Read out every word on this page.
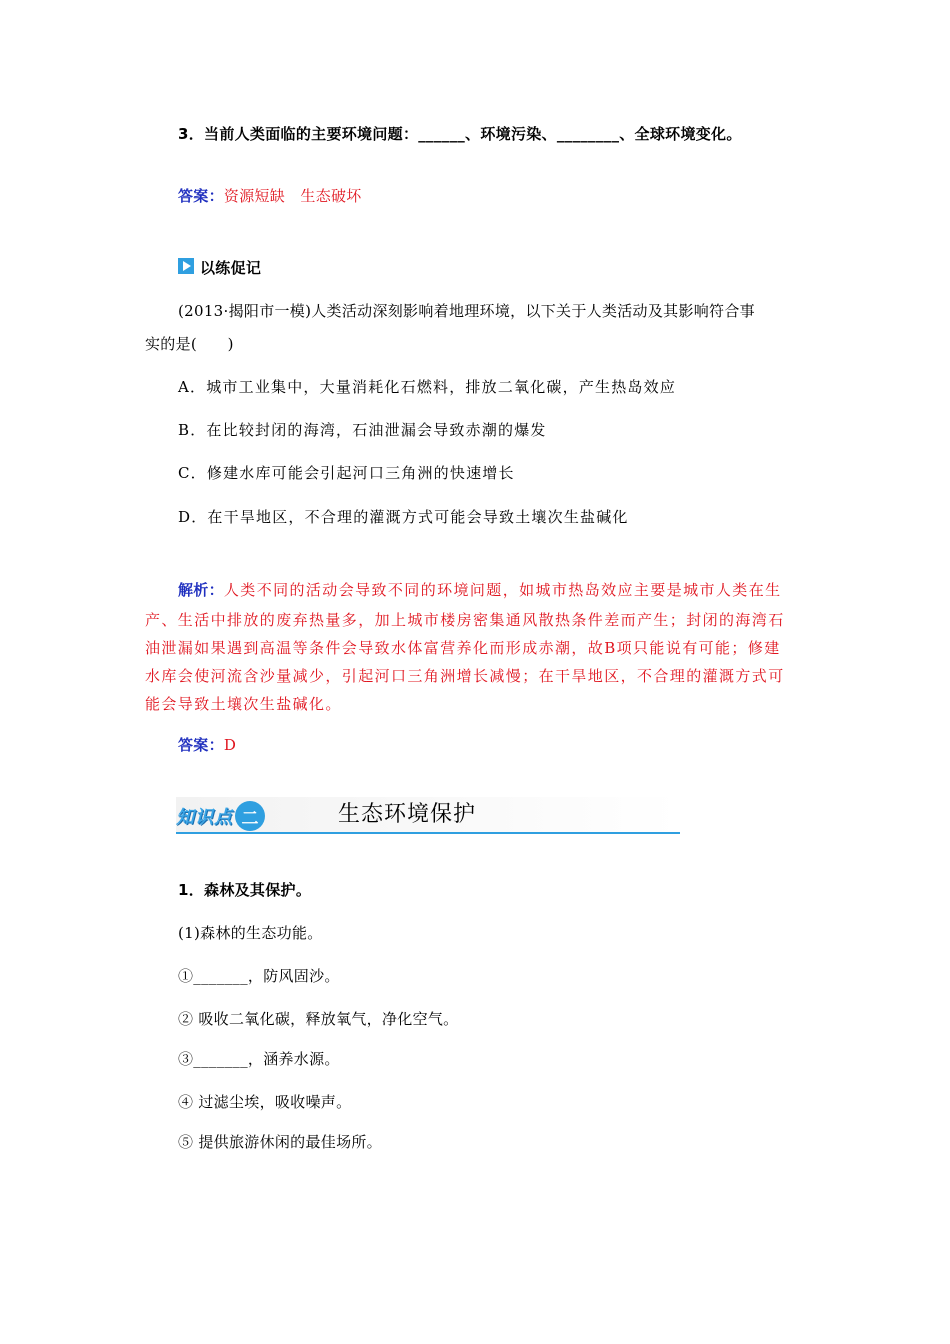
3．当前人类面临的主要环境问题：______、环境污染、________、全球环境变化。
答案：资源短缺　生态破坏
以练促记
(2013·揭阳市一模)人类活动深刻影响着地理环境，以下关于人类活动及其影响符合事
实的是(　　)
A．城市工业集中，大量消耗化石燃料，排放二氧化碳，产生热岛效应
B．在比较封闭的海湾，石油泄漏会导致赤潮的爆发
C．修建水库可能会引起河口三角洲的快速增长
D．在干旱地区，不合理的灌溉方式可能会导致土壤次生盐碱化
解析：人类不同的活动会导致不同的环境问题，如城市热岛效应主要是城市人类在生
产、生活中排放的废弃热量多，加上城市楼房密集通风散热条件差而产生；封闭的海湾石
油泄漏如果遇到高温等条件会导致水体富营养化而形成赤潮，故B项只能说有可能；修建
水库会使河流含沙量减少，引起河口三角洲增长减慢；在干旱地区，不合理的灌溉方式可
能会导致土壤次生盐碱化。
答案：D
知识点 二	生态环境保护
1．森林及其保护。
(1)森林的生态功能。
①_______，防风固沙。
② 吸收二氧化碳，释放氧气，净化空气。
③_______，涵养水源。
④ 过滤尘埃，吸收噪声。
⑤ 提供旅游休闲的最佳场所。
